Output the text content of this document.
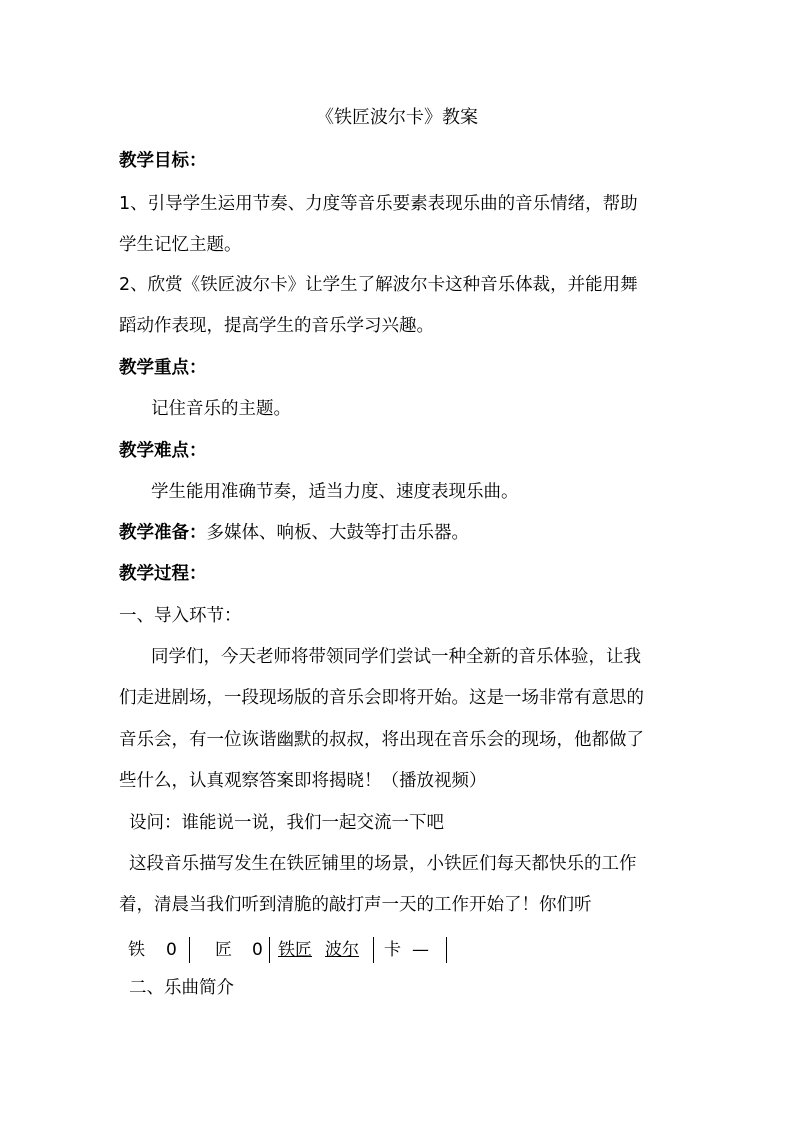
《铁匠波尔卡》教案
教学目标：
1、引导学生运用节奏、力度等音乐要素表现乐曲的音乐情绪，帮助
学生记忆主题。
2、欣赏《铁匠波尔卡》让学生了解波尔卡这种音乐体裁，并能用舞
蹈动作表现，提高学生的音乐学习兴趣。
教学重点：
记住音乐的主题。
教学难点：
学生能用准确节奏，适当力度、速度表现乐曲。
教学准备：多媒体、响板、大鼓等打击乐器。
教学过程：
一、导入环节：
同学们，今天老师将带领同学们尝试一种全新的音乐体验，让我
们走进剧场，一段现场版的音乐会即将开始。这是一场非常有意思的
音乐会，有一位诙谐幽默的叔叔，将出现在音乐会的现场，他都做了
些什么，认真观察答案即将揭晓！（播放视频）
设问：谁能说一说，我们一起交流一下吧
这段音乐描写发生在铁匠铺里的场景，小铁匠们每天都快乐的工作
着，清晨当我们听到清脆的敲打声一天的工作开始了！你们听
铁 0 匠 0 铁匠 波尔 卡 —
二、乐曲简介
